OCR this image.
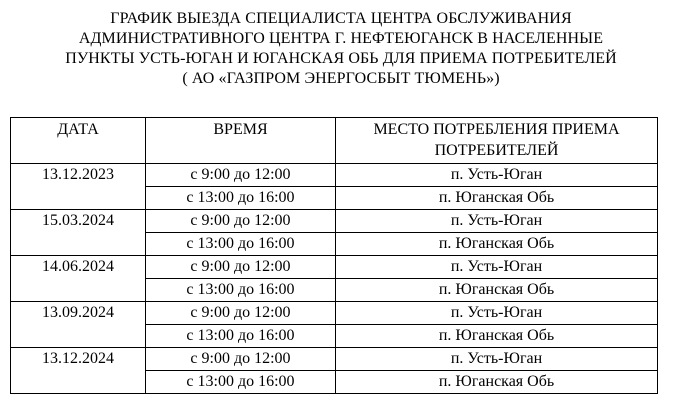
ГРАФИК ВЫЕЗДА СПЕЦИАЛИСТА ЦЕНТРА ОБСЛУЖИВАНИЯ
АДМИНИСТРАТИВНОГО ЦЕНТРА Г. НЕФТЕЮГАНСК В НАСЕЛЕННЫЕ
ПУНКТЫ УСТЬ-ЮГАН И ЮГАНСКАЯ ОБЬ ДЛЯ ПРИЕМА ПОТРЕБИТЕЛЕЙ
( АО «ГАЗПРОМ ЭНЕРГОСБЫТ ТЮМЕНЬ»)
ДАТА	ВРЕМЯ	МЕСТО ПОТРЕБЛЕНИЯ ПРИЕМА ПОТРЕБИТЕЛЕЙ
13.12.2023	с 9:00 до 12:00	п. Усть-Юган
	с 13:00 до 16:00	п. Юганская Обь
15.03.2024	с 9:00 до 12:00	п. Усть-Юган
	с 13:00 до 16:00	п. Юганская Обь
14.06.2024	с 9:00 до 12:00	п. Усть-Юган
	с 13:00 до 16:00	п. Юганская Обь
13.09.2024	с 9:00 до 12:00	п. Усть-Юган
	с 13:00 до 16:00	п. Юганская Обь
13.12.2024	с 9:00 до 12:00	п. Усть-Юган
	с 13:00 до 16:00	п. Юганская Обь
